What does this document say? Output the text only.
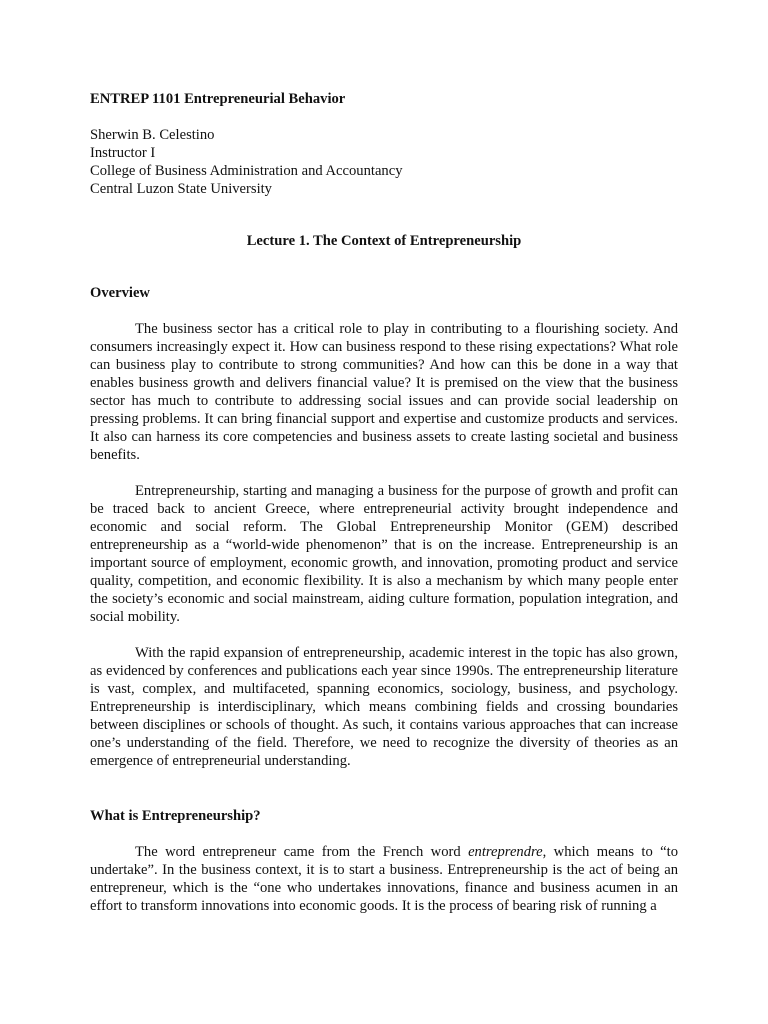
ENTREP 1101 Entrepreneurial Behavior
Sherwin B. Celestino
Instructor I
College of Business Administration and Accountancy
Central Luzon State University
Lecture 1. The Context of Entrepreneurship
Overview

The business sector has a critical role to play in contributing to a flourishing society. And consumers increasingly expect it. How can business respond to these rising expectations? What role can business play to contribute to strong communities? And how can this be done in a way that enables business growth and delivers financial value? It is premised on the view that the business sector has much to contribute to addressing social issues and can provide social leadership on pressing problems. It can bring financial support and expertise and customize products and services. It also can harness its core competencies and business assets to create lasting societal and business benefits.

Entrepreneurship, starting and managing a business for the purpose of growth and profit can be traced back to ancient Greece, where entrepreneurial activity brought independence and economic and social reform. The Global Entrepreneurship Monitor (GEM) described entrepreneurship as a “world-wide phenomenon” that is on the increase. Entrepreneurship is an important source of employment, economic growth, and innovation, promoting product and service quality, competition, and economic flexibility. It is also a mechanism by which many people enter the society’s economic and social mainstream, aiding culture formation, population integration, and social mobility.

With the rapid expansion of entrepreneurship, academic interest in the topic has also grown, as evidenced by conferences and publications each year since 1990s. The entrepreneurship literature is vast, complex, and multifaceted, spanning economics, sociology, business, and psychology. Entrepreneurship is interdisciplinary, which means combining fields and crossing boundaries between disciplines or schools of thought. As such, it contains various approaches that can increase one’s understanding of the field. Therefore, we need to recognize the diversity of theories as an emergence of entrepreneurial understanding.

What is Entrepreneurship?

The word entrepreneur came from the French word entreprendre, which means to “to undertake”. In the business context, it is to start a business. Entrepreneurship is the act of being an entrepreneur, which is the “one who undertakes innovations, finance and business acumen in an effort to transform innovations into economic goods. It is the process of bearing risk of running a
